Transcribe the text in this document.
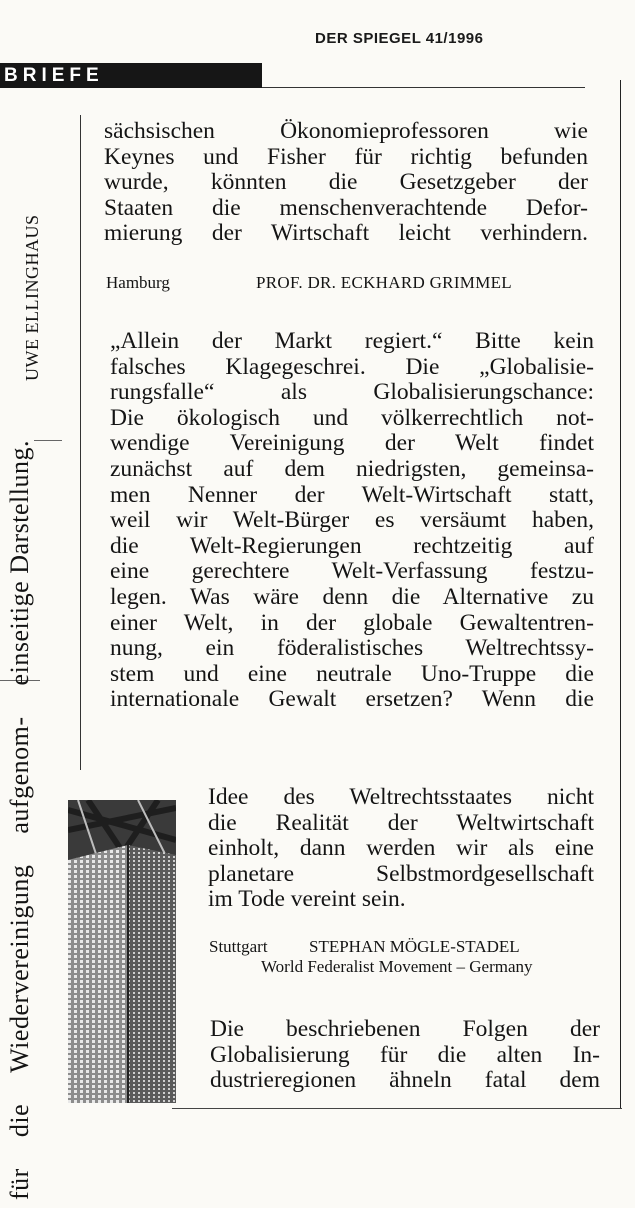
DER SPIEGEL 41/1996
BRIEFE
für
die
Wiedervereinigung
aufgenom-
einseitige Darstellung.
UWE ELLINGHAUS
sächsischen Ökonomieprofessoren wie
Keynes und Fisher für richtig befunden
wurde, könnten die Gesetzgeber der
Staaten die menschenverachtende Defor-
mierung der Wirtschaft leicht verhindern.
Hamburg	PROF. DR. ECKHARD GRIMMEL
„Allein der Markt regiert.“ Bitte kein
falsches Klagegeschrei. Die „Globalisie-
rungsfalle“ als Globalisierungschance:
Die ökologisch und völkerrechtlich not-
wendige Vereinigung der Welt findet
zunächst auf dem niedrigsten, gemeinsa-
men Nenner der Welt-Wirtschaft statt,
weil wir Welt-Bürger es versäumt haben,
die Welt-Regierungen rechtzeitig auf
eine gerechtere Welt-Verfassung festzu-
legen. Was wäre denn die Alternative zu
einer Welt, in der globale Gewaltentren-
nung, ein föderalistisches Weltrechtssy-
stem und eine neutrale Uno-Truppe die
internationale Gewalt ersetzen? Wenn die
Idee des Weltrechtsstaates nicht
die Realität der Weltwirtschaft
einholt, dann werden wir als eine
planetare Selbstmordgesellschaft
im Tode vereint sein.
Stuttgart STEPHAN MÖGLE-STADEL
World Federalist Movement – Germany
Die beschriebenen Folgen der
Globalisierung für die alten In-
dustrieregionen ähneln fatal dem
